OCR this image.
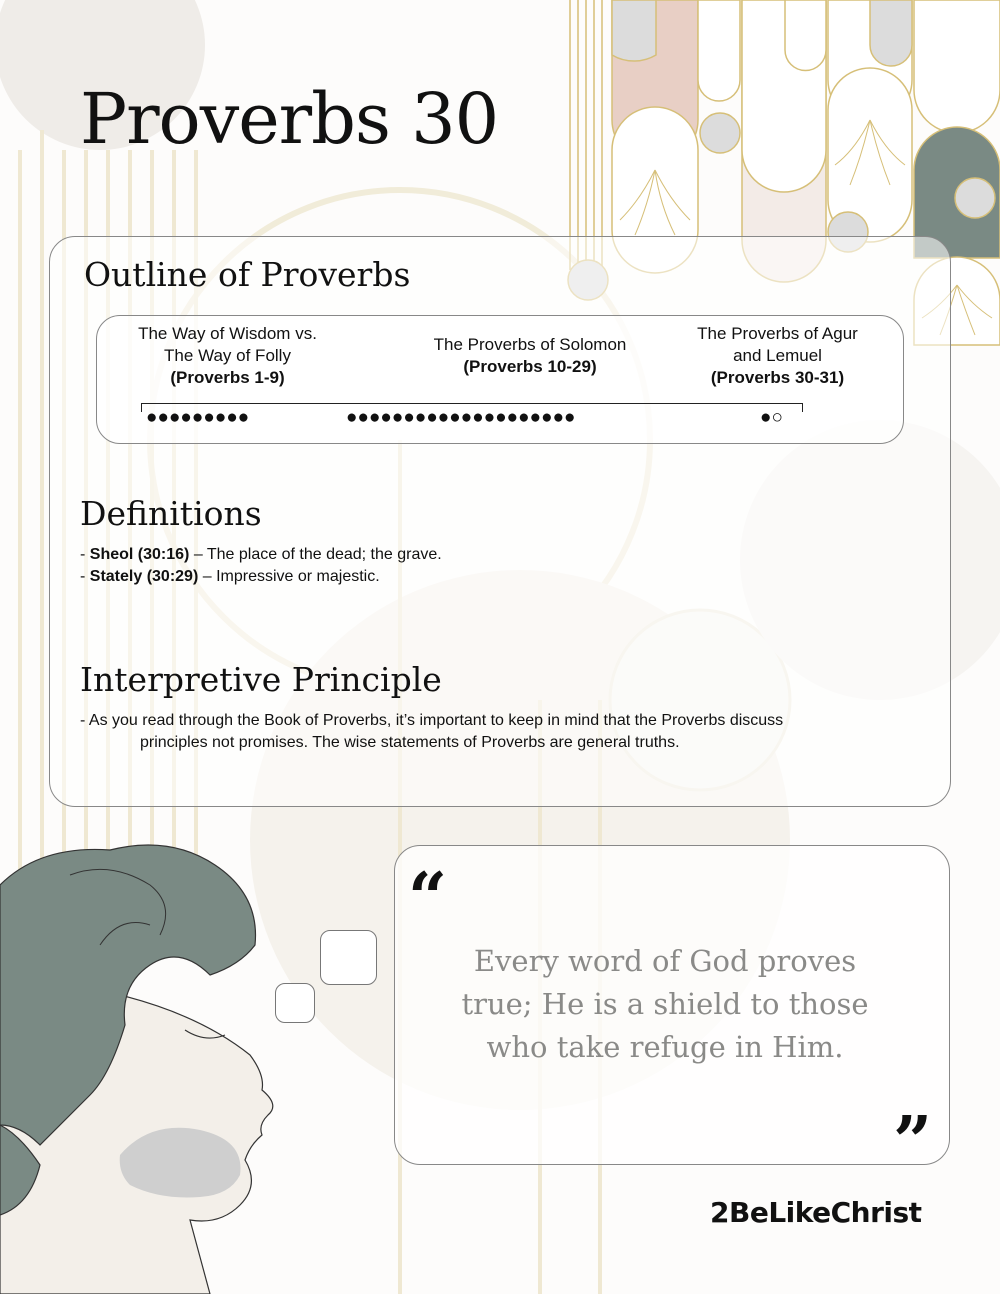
Proverbs 30
Outline of Proverbs
The Way of Wisdom vs.
The Way of Folly
(Proverbs 1-9)
The Proverbs of Solomon
(Proverbs 10-29)
The Proverbs of Agur
and Lemuel
(Proverbs 30-31)
●●●●●●●●●	●●●●●●●●●●●●●●●●●●●●	●○
Definitions
- Sheol (30:16) – The place of the dead; the grave.
- Stately (30:29) – Impressive or majestic.
Interpretive Principle
- As you read through the Book of Proverbs, it’s important to keep in mind that the Proverbs discuss
principles not promises. The wise statements of Proverbs are general truths.
“
”
Every word of God proves
true; He is a shield to those
who take refuge in Him.
2BeLikeChrist
